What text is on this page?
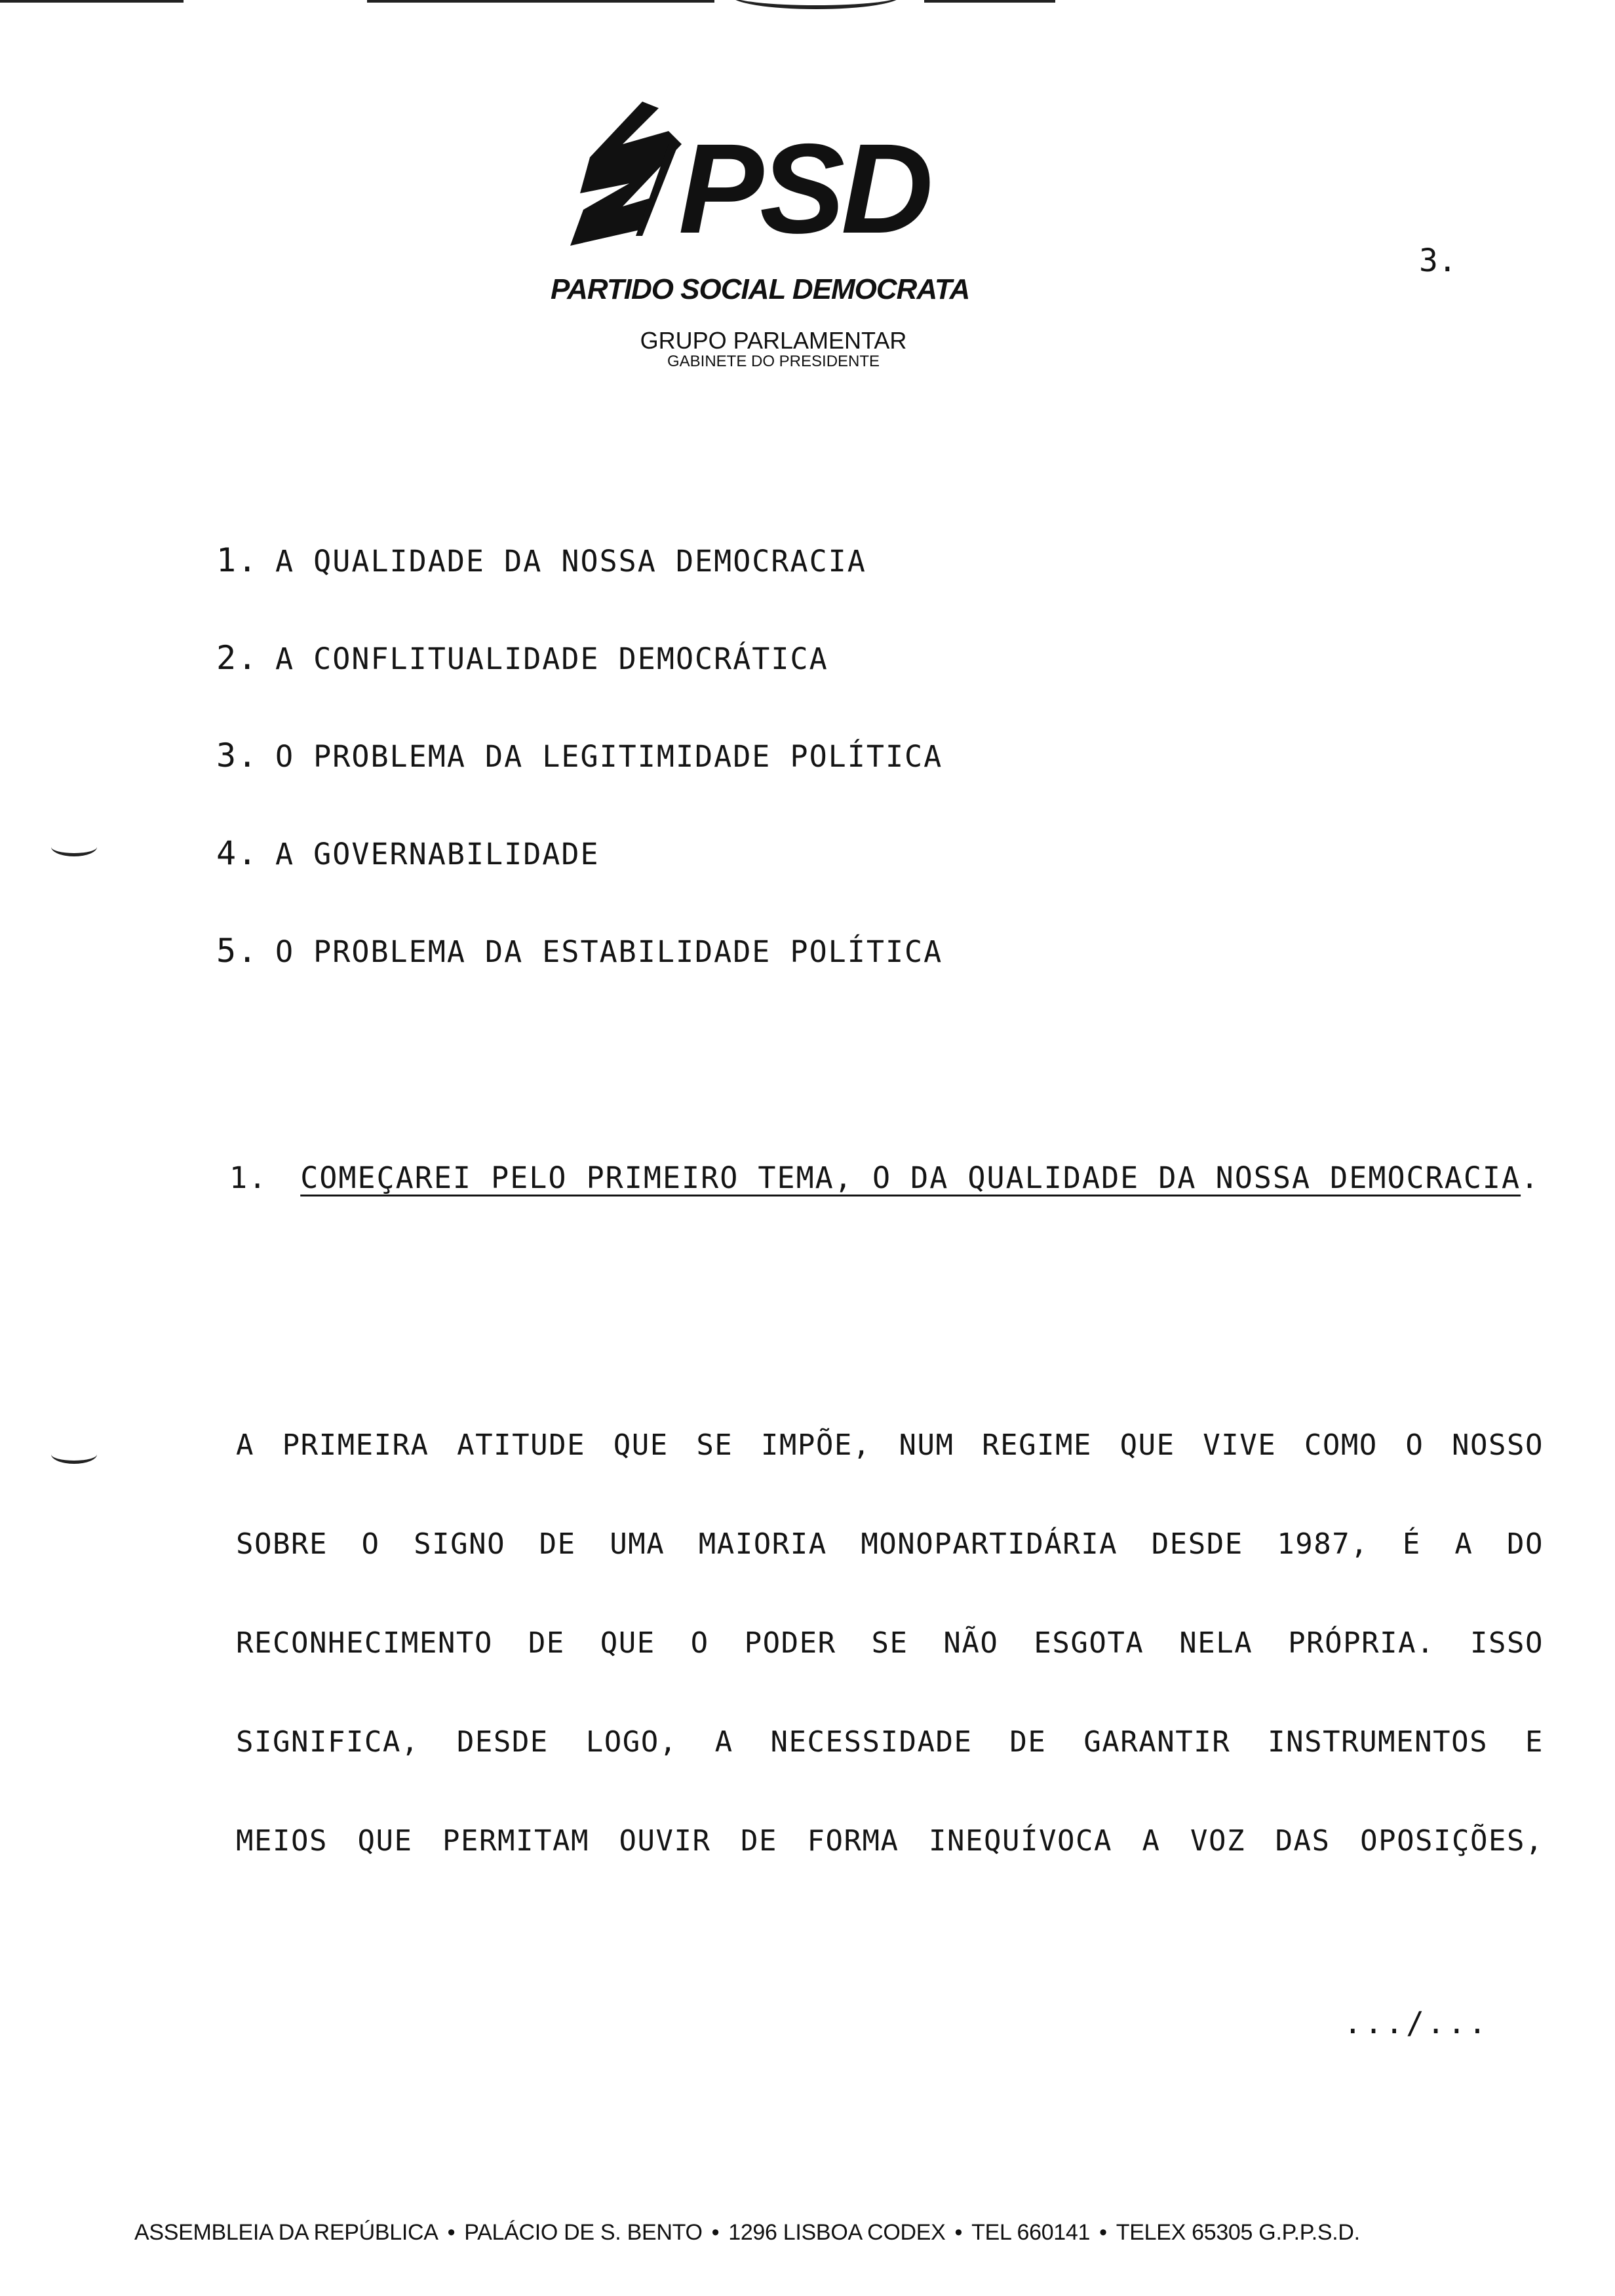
PSD
PARTIDO SOCIAL DEMOCRATA
GRUPO PARLAMENTAR
GABINETE DO PRESIDENTE
3.
1. A QUALIDADE DA NOSSA DEMOCRACIA
2. A CONFLITUALIDADE DEMOCRÁTICA
3. O PROBLEMA DA LEGITIMIDADE POLÍTICA
4. A GOVERNABILIDADE
5. O PROBLEMA DA ESTABILIDADE POLÍTICA
1. COMEÇAREI PELO PRIMEIRO TEMA, O DA QUALIDADE DA NOSSA DEMOCRACIA.
A PRIMEIRA ATITUDE QUE SE IMPÕE, NUM REGIME QUE VIVE COMO O NOSSO
SOBRE O SIGNO DE UMA MAIORIA MONOPARTIDÁRIA DESDE 1987, É A DO
RECONHECIMENTO DE QUE O PODER SE NÃO ESGOTA NELA PRÓPRIA. ISSO
SIGNIFICA, DESDE LOGO, A NECESSIDADE DE GARANTIR INSTRUMENTOS E
MEIOS QUE PERMITAM OUVIR DE FORMA INEQUÍVOCA A VOZ DAS OPOSIÇÕES,
.../...
ASSEMBLEIA DA REPÚBLICA • PALÁCIO DE S. BENTO • 1296 LISBOA CODEX • TEL 660141 • TELEX 65305 G.P.P.S.D.
